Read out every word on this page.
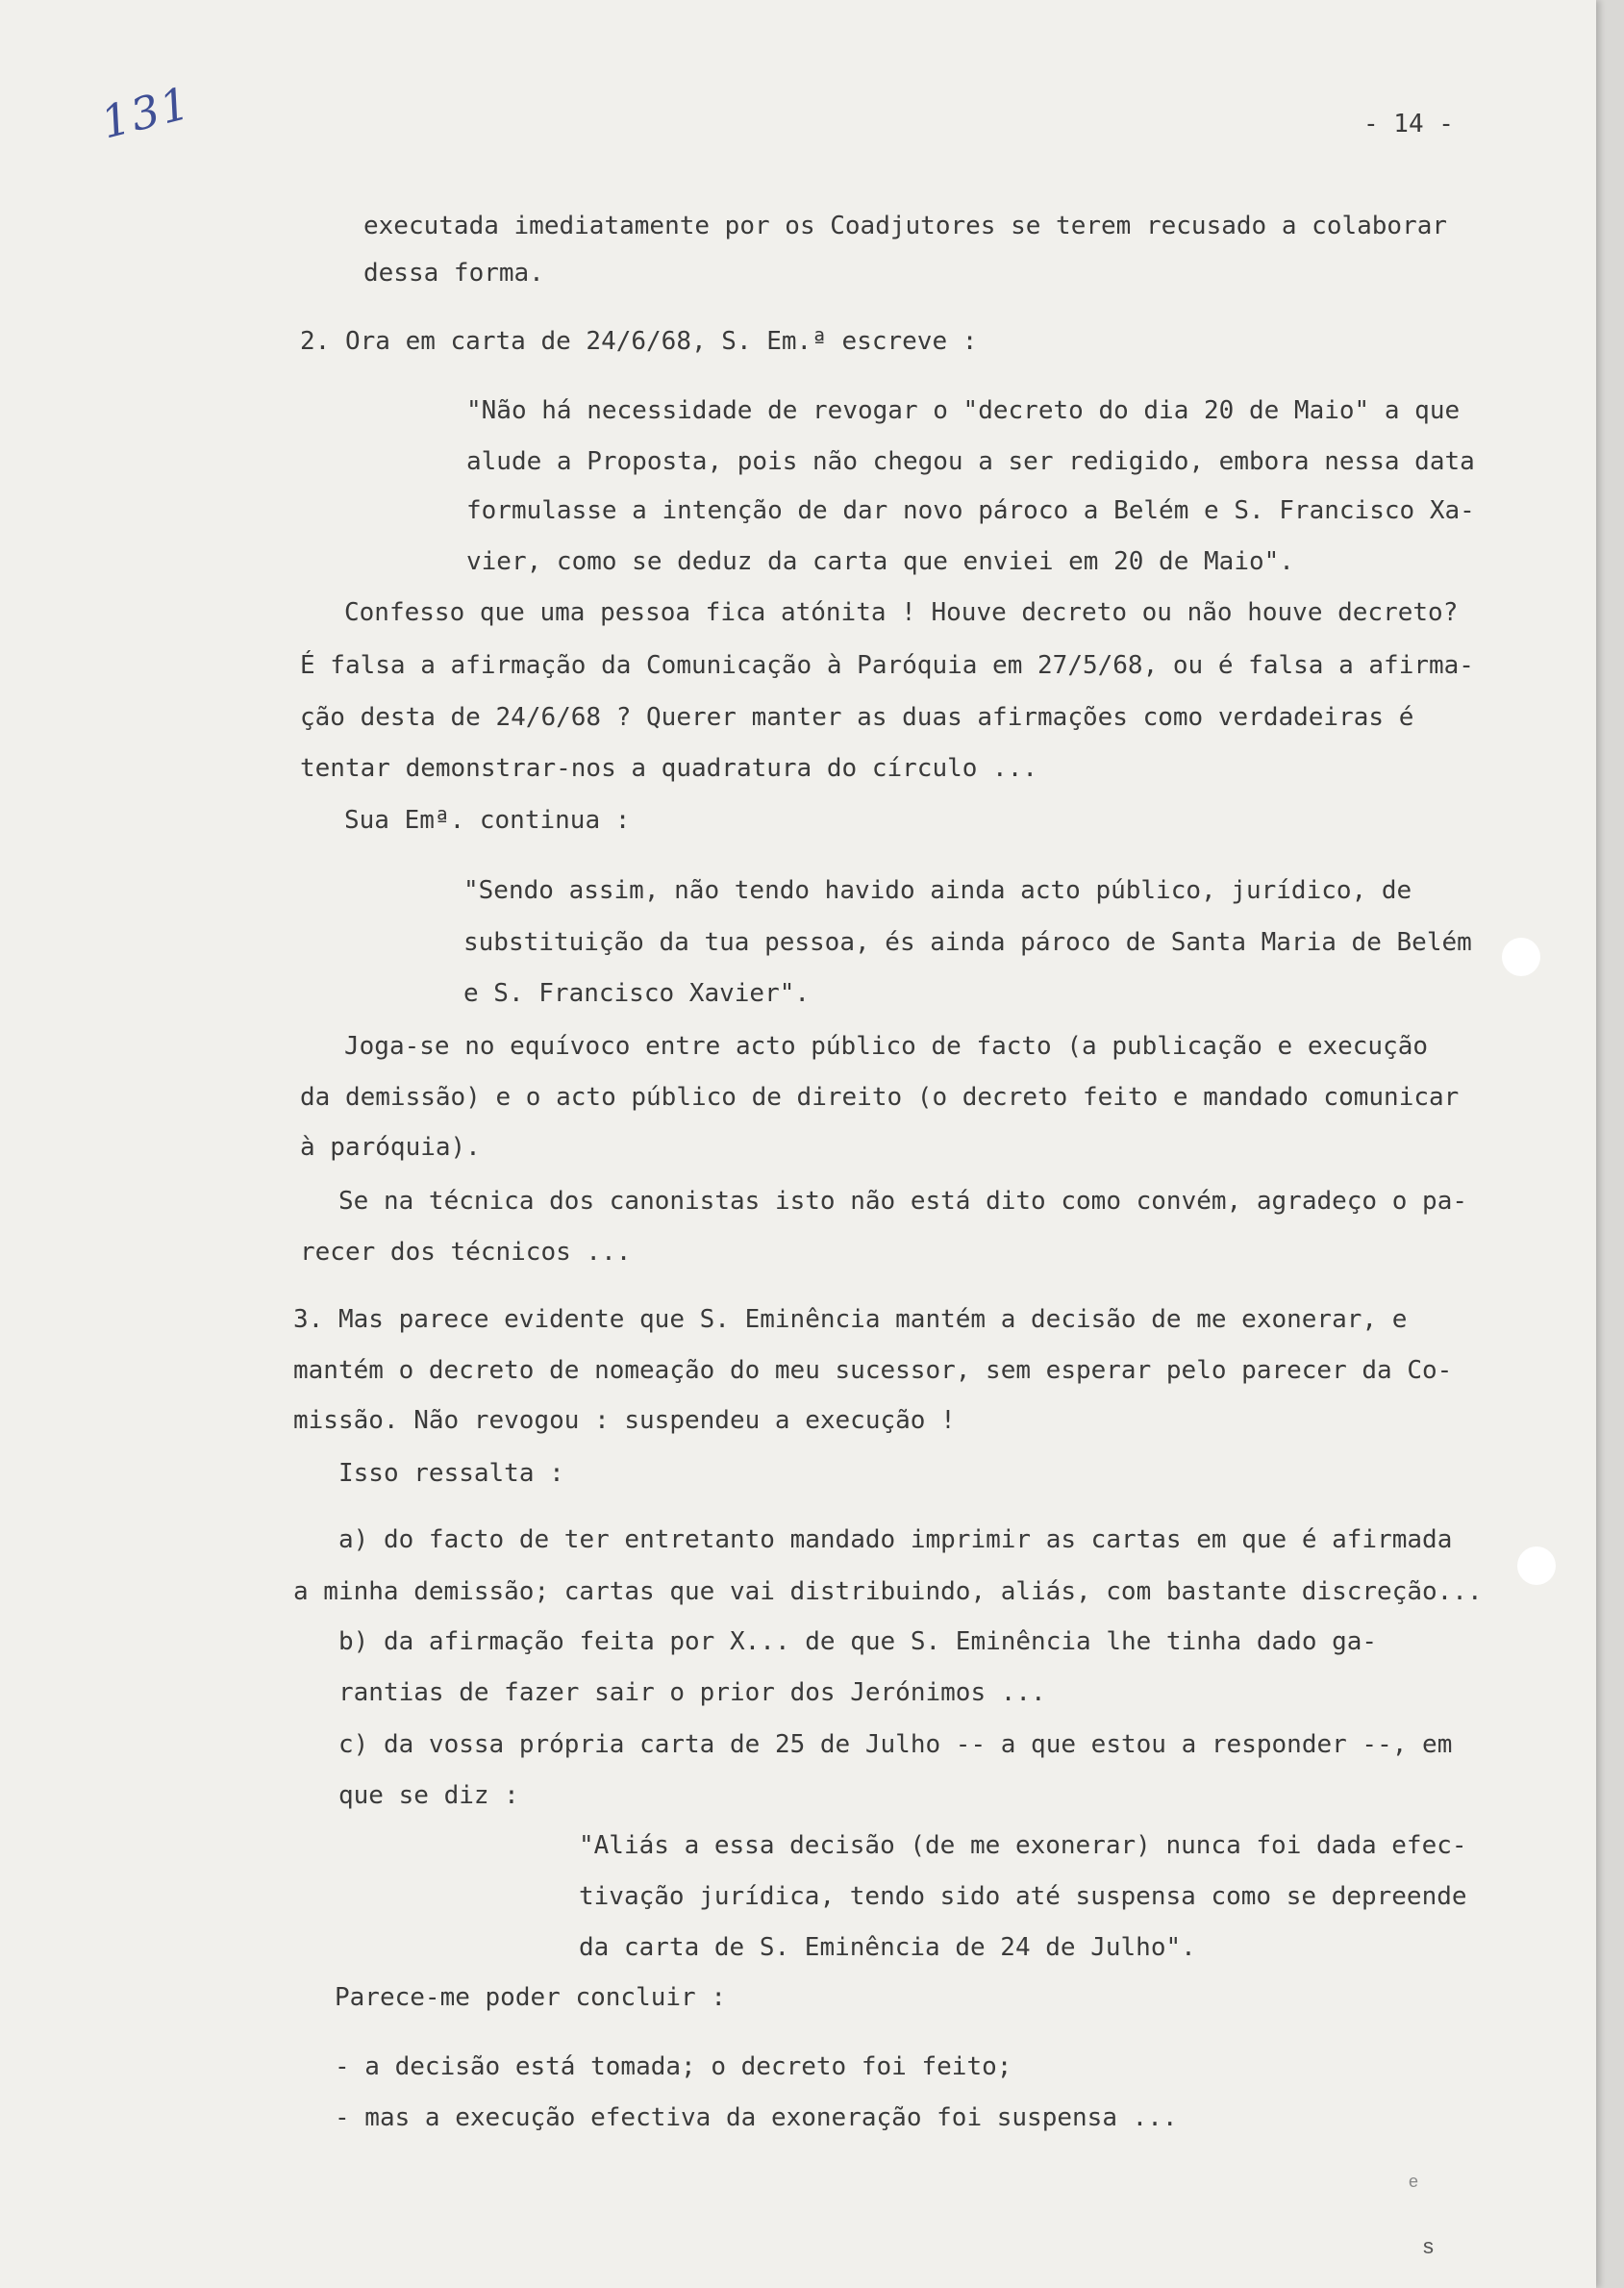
131	- 14 -
executada imediatamente por os Coadjutores se terem recusado a colaborar
dessa forma.
2. Ora em carta de 24/6/68, S. Em.ª escreve :
"Não há necessidade de revogar o "decreto do dia 20 de Maio" a que
alude a Proposta, pois não chegou a ser redigido, embora nessa data
formulasse a intenção de dar novo pároco a Belém e S. Francisco Xa-
vier, como se deduz da carta que enviei em 20 de Maio".
Confesso que uma pessoa fica atónita ! Houve decreto ou não houve decreto?
É falsa a afirmação da Comunicação à Paróquia em 27/5/68, ou é falsa a afirma-
ção desta de 24/6/68 ? Querer manter as duas afirmações como verdadeiras é
tentar demonstrar-nos a quadratura do círculo ...
Sua Emª. continua :
"Sendo assim, não tendo havido ainda acto público, jurídico, de
substituição da tua pessoa, és ainda pároco de Santa Maria de Belém
e S. Francisco Xavier".
Joga-se no equívoco entre acto público de facto (a publicação e execução
da demissão) e o acto público de direito (o decreto feito e mandado comunicar
à paróquia).
Se na técnica dos canonistas isto não está dito como convém, agradeço o pa-
recer dos técnicos ...
3. Mas parece evidente que S. Eminência mantém a decisão de me exonerar, e
mantém o decreto de nomeação do meu sucessor, sem esperar pelo parecer da Co-
missão. Não revogou : suspendeu a execução !
Isso ressalta :
a) do facto de ter entretanto mandado imprimir as cartas em que é afirmada
a minha demissão; cartas que vai distribuindo, aliás, com bastante discreção...
b) da afirmação feita por X... de que S. Eminência lhe tinha dado ga-
rantias de fazer sair o prior dos Jerónimos ...
c) da vossa própria carta de 25 de Julho -- a que estou a responder --, em
que se diz :
"Aliás a essa decisão (de me exonerar) nunca foi dada efec-
tivação jurídica, tendo sido até suspensa como se depreende
da carta de S. Eminência de 24 de Julho".
Parece-me poder concluir :
- a decisão está tomada; o decreto foi feito;
- mas a execução efectiva da exoneração foi suspensa ...
e
s
